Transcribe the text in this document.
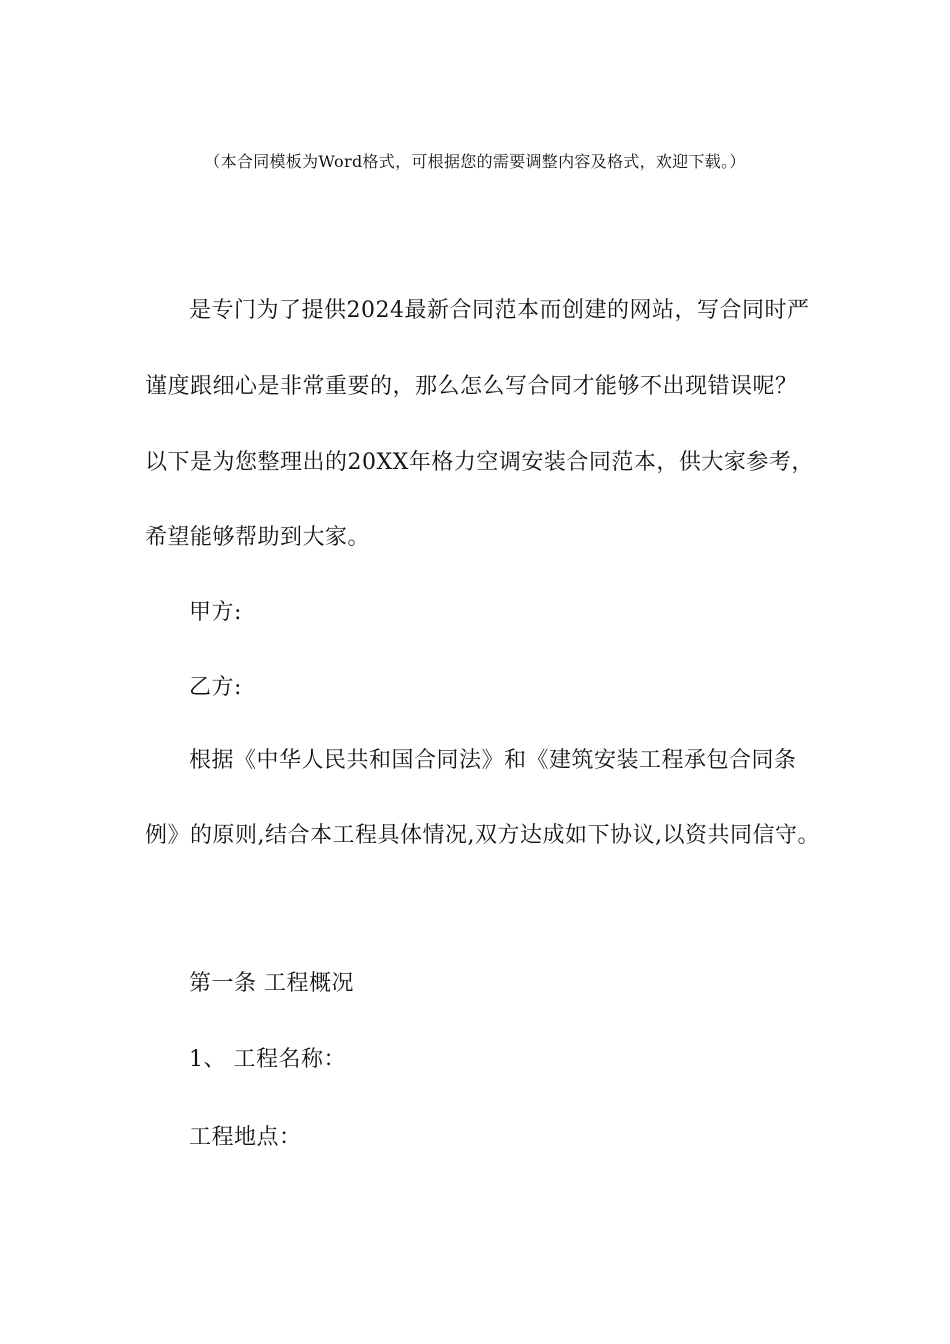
（本合同模板为Word格式，可根据您的需要调整内容及格式，欢迎下载。）
是专门为了提供2024最新合同范本而创建的网站，写合同时严
谨度跟细心是非常重要的，那么怎么写合同才能够不出现错误呢？
以下是为您整理出的20XX年格力空调安装合同范本，供大家参考，
希望能够帮助到大家。
甲方:
乙方:
根据《中华人民共和国合同法》和《建筑安装工程承包合同条
例》的原则,结合本工程具体情况,双方达成如下协议,以资共同信守。
第一条 工程概况
1、 工程名称：
工程地点：
